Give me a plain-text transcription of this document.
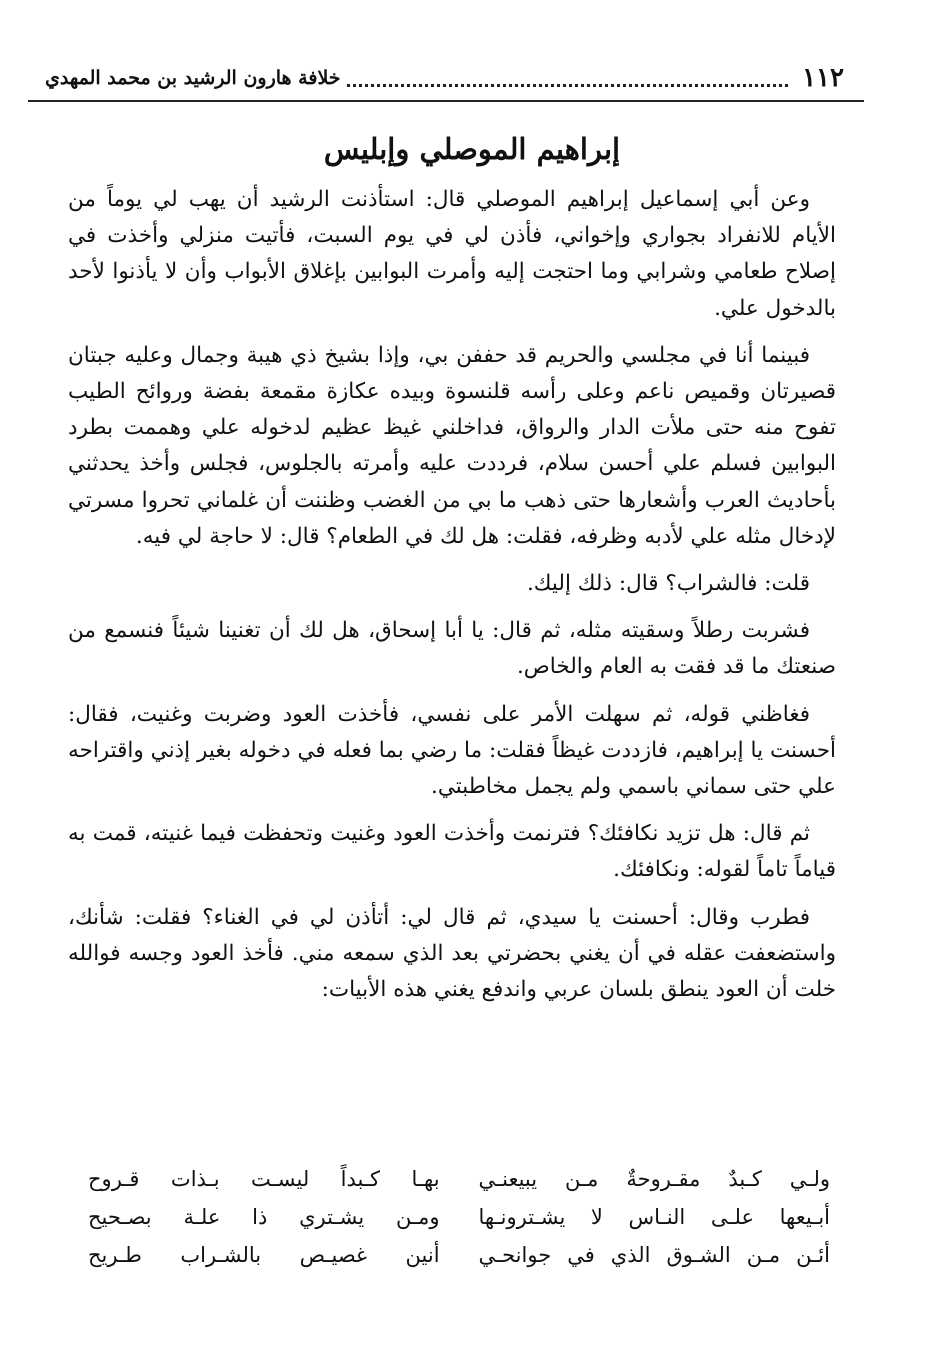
١١٢
خلافة هارون الرشيد بن محمد المهدي
إبراهيم الموصلي وإبليس

وعن أبي إسماعيل إبراهيم الموصلي قال: استأذنت الرشيد أن يهب لي يوماً من الأيام للانفراد بجواري وإخواني، فأذن لي في يوم السبت، فأتيت منزلي وأخذت في إصلاح طعامي وشرابي وما احتجت إليه وأمرت البوابين بإغلاق الأبواب وأن لا يأذنوا لأحد بالدخول علي.

فبينما أنا في مجلسي والحريم قد حففن بي، وإذا بشيخ ذي هيبة وجمال وعليه جبتان قصيرتان وقميص ناعم وعلى رأسه قلنسوة وبيده عكازة مقمعة بفضة وروائح الطيب تفوح منه حتى ملأت الدار والرواق، فداخلني غيظ عظيم لدخوله علي وهممت بطرد البوابين فسلم علي أحسن سلام، فرددت عليه وأمرته بالجلوس، فجلس وأخذ يحدثني بأحاديث العرب وأشعارها حتى ذهب ما بي من الغضب وظننت أن غلماني تحروا مسرتي لإدخال مثله علي لأدبه وظرفه، فقلت: هل لك في الطعام؟ قال: لا حاجة لي فيه.

قلت: فالشراب؟ قال: ذلك إليك.

فشربت رطلاً وسقيته مثله، ثم قال: يا أبا إسحاق، هل لك أن تغنينا شيئاً فنسمع من صنعتك ما قد فقت به العام والخاص.

فغاظني قوله، ثم سهلت الأمر على نفسي، فأخذت العود وضربت وغنيت، فقال: أحسنت يا إبراهيم، فازددت غيظاً فقلت: ما رضي بما فعله في دخوله بغير إذني واقتراحه علي حتى سماني باسمي ولم يجمل مخاطبتي.

ثم قال: هل تزيد نكافئك؟ فترنمت وأخذت العود وغنيت وتحفظت فيما غنيته، قمت به قياماً تاماً لقوله: ونكافئك.

فطرب وقال: أحسنت يا سيدي، ثم قال لي: أتأذن لي في الغناء؟ فقلت: شأنك، واستضعفت عقله في أن يغني بحضرتي بعد الذي سمعه مني. فأخذ العود وجسه فوالله خلت أن العود ينطق بلسان عربي واندفع يغني هذه الأبيات:

ولـي كـبدٌ مقـروحةٌ مـن يبيعنـي
بهـا كـبداً ليسـت بـذات قـروح
أبـيعها علـى النـاس لا يشـترونـها
ومـن يشـتري ذا علـة بصـحيح
أئـن مـن الشـوق الذي في جوانحـي
أنين غصيـص بالشـراب طـريح
